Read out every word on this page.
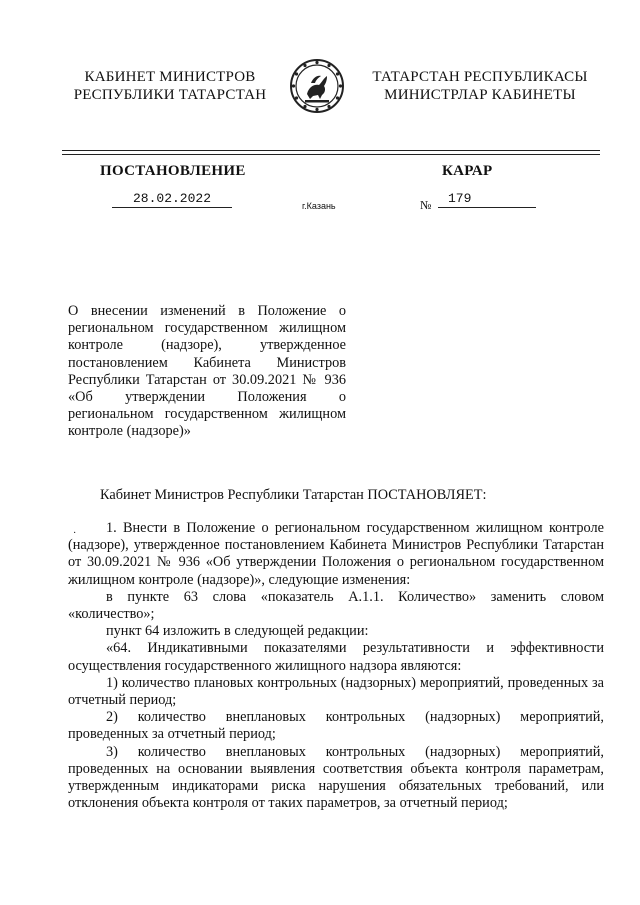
КАБИНЕТ МИНИСТРОВ
РЕСПУБЛИКИ ТАТАРСТАН
ТАТАРСТАН РЕСПУБЛИКАСЫ
МИНИСТРЛАР КАБИНЕТЫ
ПОСТАНОВЛЕНИЕ	КАРАР
28.02.2022	г.Казань	№	179
О внесении изменений в Положение о региональном государственном жилищном контроле (надзоре), утвержденное постановлением Кабинета Министров Республики Татарстан от 30.09.2021 № 936 «Об утверждении Положения о региональном государственном жилищном контроле (надзоре)»
Кабинет Министров Республики Татарстан ПОСТАНОВЛЯЕТ:
·	1. Внести в Положение о региональном государственном жилищном контроле (надзоре), утвержденное постановлением Кабинета Министров Республики Татарстан от 30.09.2021 № 936 «Об утверждении Положения о региональном государственном жилищном контроле (надзоре)», следующие изменения:

в пункте 63 слова «показатель А.1.1. Количество» заменить словом «количество»;

пункт 64 изложить в следующей редакции:

«64. Индикативными показателями результативности и эффективности осуществления государственного жилищного надзора являются:

1) количество плановых контрольных (надзорных) мероприятий, проведенных за отчетный период;

2) количество внеплановых контрольных (надзорных) мероприятий, проведенных за отчетный период;

3) количество внеплановых контрольных (надзорных) мероприятий, проведенных на основании выявления соответствия объекта контроля параметрам, утвержденным индикаторами риска нарушения обязательных требований, или отклонения объекта контроля от таких параметров, за отчетный период;
